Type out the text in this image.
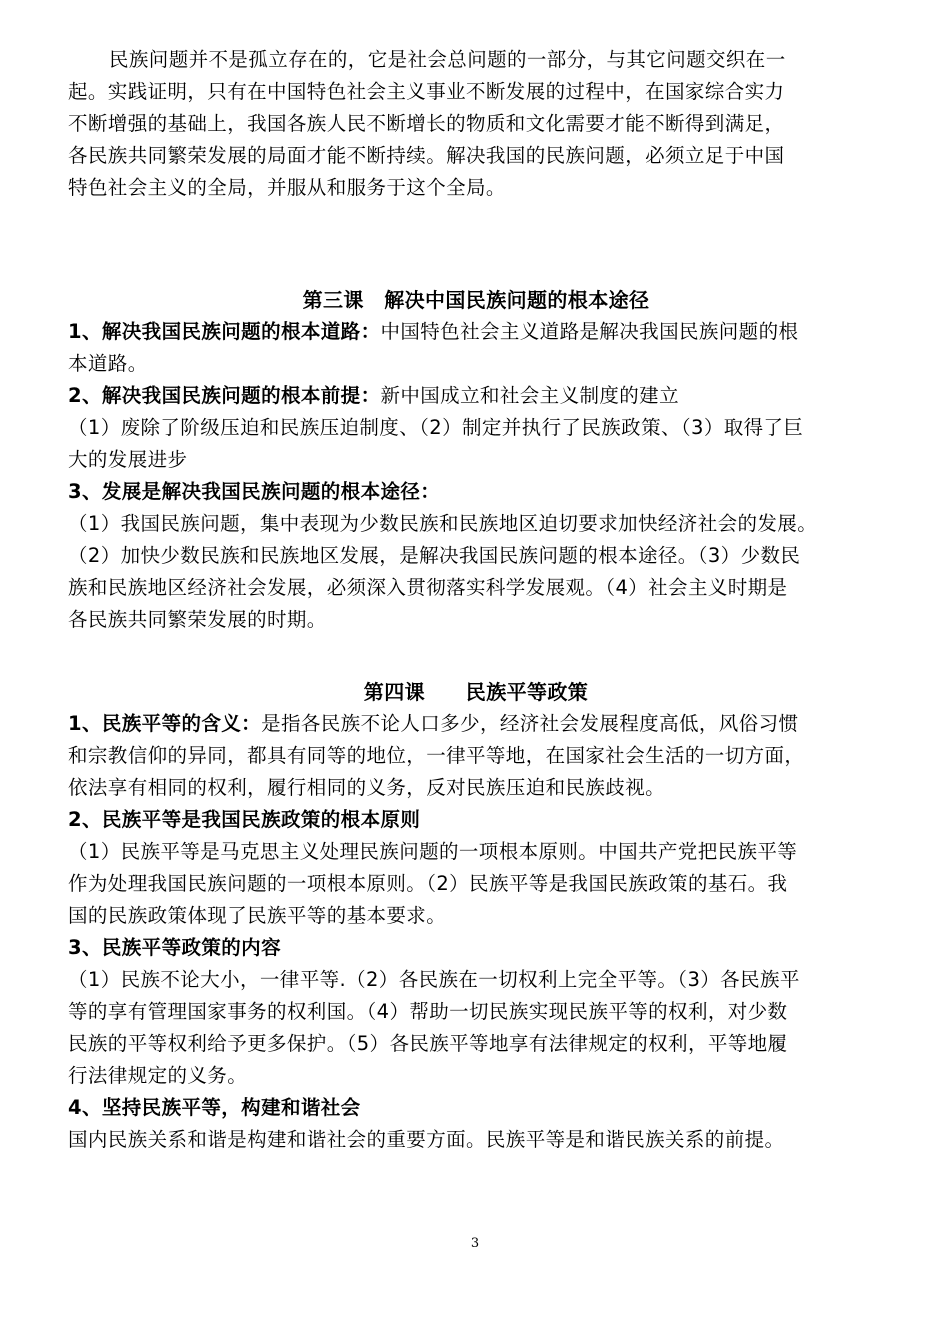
民族问题并不是孤立存在的，它是社会总问题的一部分，与其它问题交织在一
起。实践证明，只有在中国特色社会主义事业不断发展的过程中，在国家综合实力
不断增强的基础上，我国各族人民不断增长的物质和文化需要才能不断得到满足，
各民族共同繁荣发展的局面才能不断持续。解决我国的民族问题，必须立足于中国
特色社会主义的全局，并服从和服务于这个全局。
第三课　解决中国民族问题的根本途径
1、解决我国民族问题的根本道路：中国特色社会主义道路是解决我国民族问题的根
本道路。
2、解决我国民族问题的根本前提：新中国成立和社会主义制度的建立
（1）废除了阶级压迫和民族压迫制度、（2）制定并执行了民族政策、（3）取得了巨
大的发展进步
3、发展是解决我国民族问题的根本途径：
（1）我国民族问题，集中表现为少数民族和民族地区迫切要求加快经济社会的发展。
（2）加快少数民族和民族地区发展，是解决我国民族问题的根本途径。（3）少数民
族和民族地区经济社会发展，必须深入贯彻落实科学发展观。（4）社会主义时期是
各民族共同繁荣发展的时期。
第四课　　民族平等政策
1、民族平等的含义：是指各民族不论人口多少，经济社会发展程度高低，风俗习惯
和宗教信仰的异同，都具有同等的地位，一律平等地，在国家社会生活的一切方面，
依法享有相同的权利，履行相同的义务，反对民族压迫和民族歧视。
2、民族平等是我国民族政策的根本原则
（1）民族平等是马克思主义处理民族问题的一项根本原则。中国共产党把民族平等
作为处理我国民族问题的一项根本原则。（2）民族平等是我国民族政策的基石。我
国的民族政策体现了民族平等的基本要求。
3、民族平等政策的内容
（1）民族不论大小，一律平等.（2）各民族在一切权利上完全平等。（3）各民族平
等的享有管理国家事务的权利国。（4）帮助一切民族实现民族平等的权利，对少数
民族的平等权利给予更多保护。（5）各民族平等地享有法律规定的权利，平等地履
行法律规定的义务。
4、坚持民族平等，构建和谐社会
国内民族关系和谐是构建和谐社会的重要方面。民族平等是和谐民族关系的前提。
3
